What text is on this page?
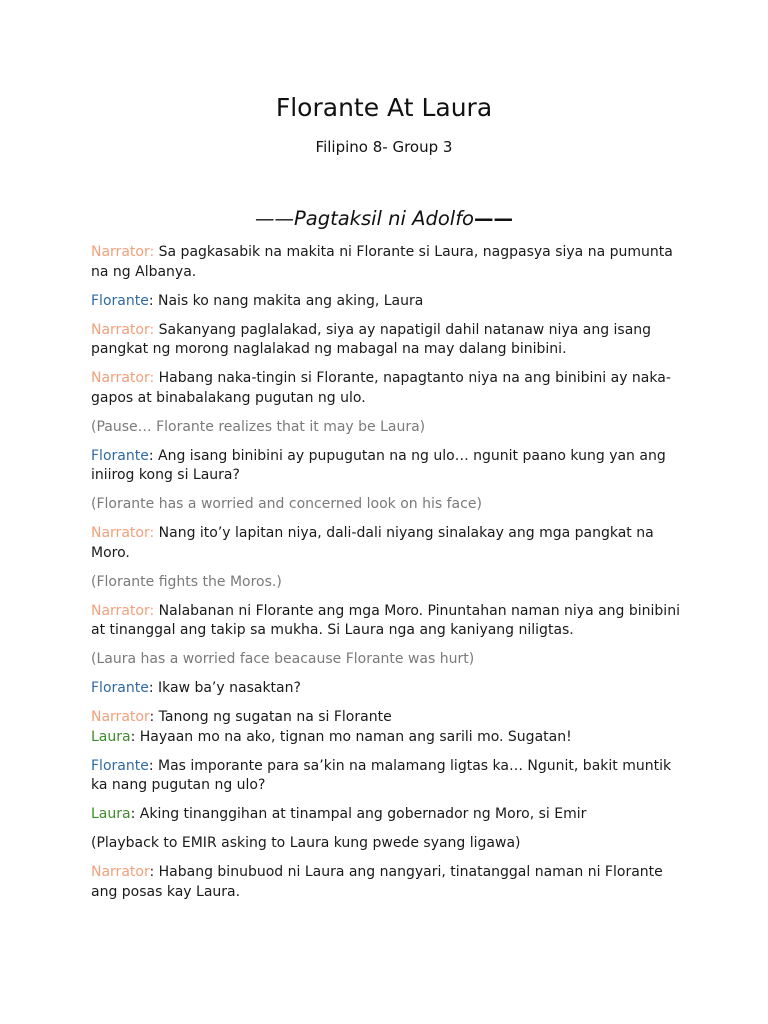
Florante At Laura
Filipino 8- Group 3
——Pagtaksil ni Adolfo——

Narrator: Sa pagkasabik na makita ni Florante si Laura, nagpasya siya na pumunta na ng Albanya.

Florante: Nais ko nang makita ang aking, Laura

Narrator: Sakanyang paglalakad, siya ay napatigil dahil natanaw niya ang isang pangkat ng morong naglalakad ng mabagal na may dalang binibini.

Narrator: Habang naka-tingin si Florante, napagtanto niya na ang binibini ay naka-gapos at binabalakang pugutan ng ulo.

(Pause… Florante realizes that it may be Laura)

Florante: Ang isang binibini ay pupugutan na ng ulo… ngunit paano kung yan ang iniirog kong si Laura?

(Florante has a worried and concerned look on his face)

Narrator: Nang ito’y lapitan niya, dali-dali niyang sinalakay ang mga pangkat na Moro.

(Florante fights the Moros.)

Narrator: Nalabanan ni Florante ang mga Moro. Pinuntahan naman niya ang binibini at tinanggal ang takip sa mukha. Si Laura nga ang kaniyang niligtas.

(Laura has a worried face beacause Florante was hurt)

Florante: Ikaw ba’y nasaktan?

Narrator: Tanong ng sugatan na si Florante

Laura: Hayaan mo na ako, tignan mo naman ang sarili mo. Sugatan!

Florante: Mas imporante para sa’kin na malamang ligtas ka… Ngunit, bakit muntik ka nang pugutan ng ulo?

Laura: Aking tinanggihan at tinampal ang gobernador ng Moro, si Emir

(Playback to EMIR asking to Laura kung pwede syang ligawa)

Narrator: Habang binubuod ni Laura ang nangyari, tinatanggal naman ni Florante ang posas kay Laura.
